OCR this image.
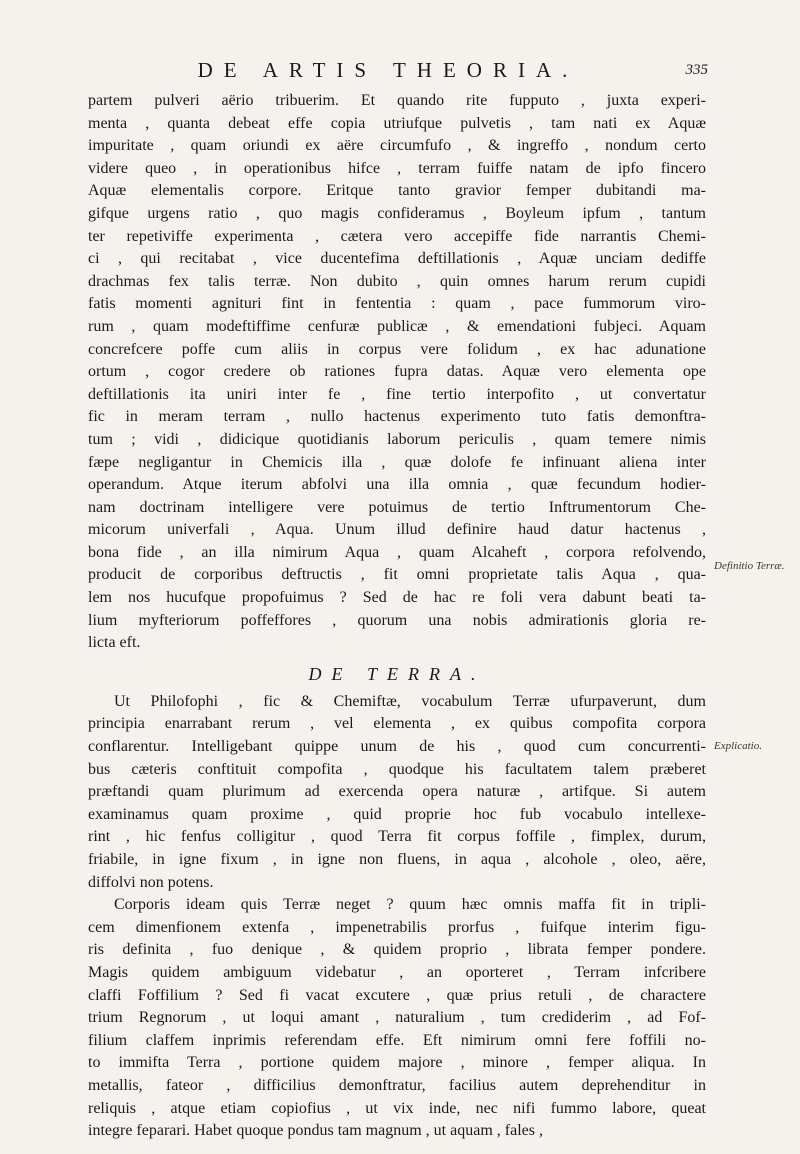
DE ARTIS THEORIA.	335
partem pulveri aërio tribuerim. Et quando rite fupputo , juxta experi-
menta , quanta debeat effe copia utriufque pulvetis , tam nati ex Aquæ
impuritate , quam oriundi ex aëre circumfufo , & ingreffo , nondum certo
videre queo , in operationibus hifce , terram fuiffe natam de ipfo fincero
Aquæ elementalis corpore. Eritque tanto gravior femper dubitandi ma-
gifque urgens ratio , quo magis confideramus , Boyleum ipfum , tantum
ter repetiviffe experimenta , cætera vero accepiffe fide narrantis Chemi-
ci , qui recitabat , vice ducentefima deftillationis , Aquæ unciam dediffe
drachmas fex talis terræ. Non dubito , quin omnes harum rerum cupidi
fatis momenti agnituri fint in fententia : quam , pace fummorum viro-
rum , quam modeftiffime cenfuræ publicæ , & emendationi fubjeci. Aquam
concrefcere poffe cum aliis in corpus vere folidum , ex hac adunatione
ortum , cogor credere ob rationes fupra datas. Aquæ vero elementa ope
deftillationis ita uniri inter fe , fine tertio interpofito , ut convertatur
fic in meram terram , nullo hactenus experimento tuto fatis demonftra-
tum ; vidi , didicique quotidianis laborum periculis , quam temere nimis
fæpe negligantur in Chemicis illa , quæ dolofe fe infinuant aliena inter
operandum. Atque iterum abfolvi una illa omnia , quæ fecundum hodier-
nam doctrinam intelligere vere potuimus de tertio Inftrumentorum Che-
micorum univerfali , Aqua. Unum illud definire haud datur hactenus ,
bona fide , an illa nimirum Aqua , quam Alcaheft , corpora refolvendo,
producit de corporibus deftructis , fit omni proprietate talis Aqua , qua-
lem nos hucufque propofuimus ? Sed de hac re foli vera dabunt beati ta-
lium myfteriorum poffeffores , quorum una nobis admirationis gloria re-
licta eft.
DE TERRA.
Ut Philofophi , fic & Chemiftæ, vocabulum Terræ ufurpaverunt, dum
principia enarrabant rerum , vel elementa , ex quibus compofita corpora
conflarentur. Intelligebant quippe unum de his , quod cum concurrenti-
bus cæteris conftituit compofita , quodque his facultatem talem præberet
præftandi quam plurimum ad exercenda opera naturæ , artifque. Si autem
examinamus quam proxime , quid proprie hoc fub vocabulo intellexe-
rint , hic fenfus colligitur , quod Terra fit corpus foffile , fimplex, durum,
friabile, in igne fixum , in igne non fluens, in aqua , alcohole , oleo, aëre,
diffolvi non potens.
Corporis ideam quis Terræ neget ? quum hæc omnis maffa fit in tripli-
cem dimenfionem extenfa , impenetrabilis prorfus , fuifque interim figu-
ris definita , fuo denique , & quidem proprio , librata femper pondere.
Magis quidem ambiguum videbatur , an oporteret , Terram infcribere
claffi Foffilium ? Sed fi vacat excutere , quæ prius retuli , de charactere
trium Regnorum , ut loqui amant , naturalium , tum crediderim , ad Fof-
filium claffem inprimis referendam effe. Eft nimirum omni fere foffili no-
to immifta Terra , portione quidem majore , minore , femper aliqua. In
metallis, fateor , difficilius demonftratur, facilius autem deprehenditur in
reliquis , atque etiam copiofius , ut vix inde, nec nifi fummo labore, queat
integre feparari. Habet quoque pondus tam magnum , ut aquam , fales ,
Definitio Terræ.
Explicatio.
